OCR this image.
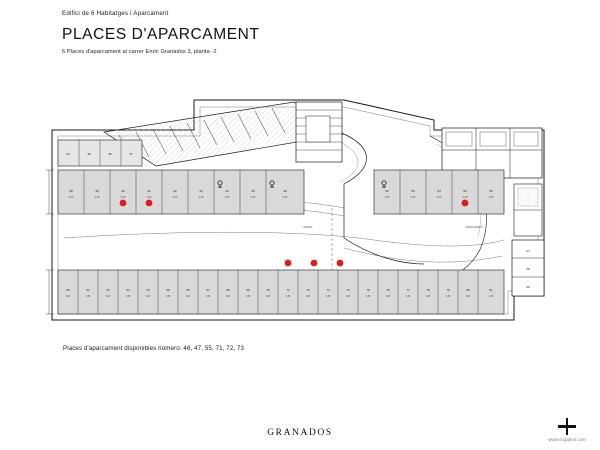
Edifici de 6 Habitatges i Aparcament
PLACES D'APARCAMENT
6 Places d'aparcament al carrer Enric Granados 3, planta -2
38	39	40	41	42	43	44	45	46	52	53	54	55	56
2.30	2.30	2.30	2.30	2.30	2.30	2.30	2.30	2.30	2.30	2.30	2.30	2.30	2.30
60	61	62	63	64	65	66	67	68	69	70	71	72	73	74	75	76	77	78	79	80	81
2.30	2.30	2.30	2.30	2.30	2.30	2.30	2.30	2.30	2.30	2.30	2.30	2.30	2.30	2.30	2.30	2.30	2.30	2.30	2.30	2.30	2.30
34	35	36	37
57
58
59
RAMPA	APARCAMENT
Places d'aparcament disponibles número: 46, 47, 55, 71, 72, 73
GRANADOS
www.mcpplus.com
